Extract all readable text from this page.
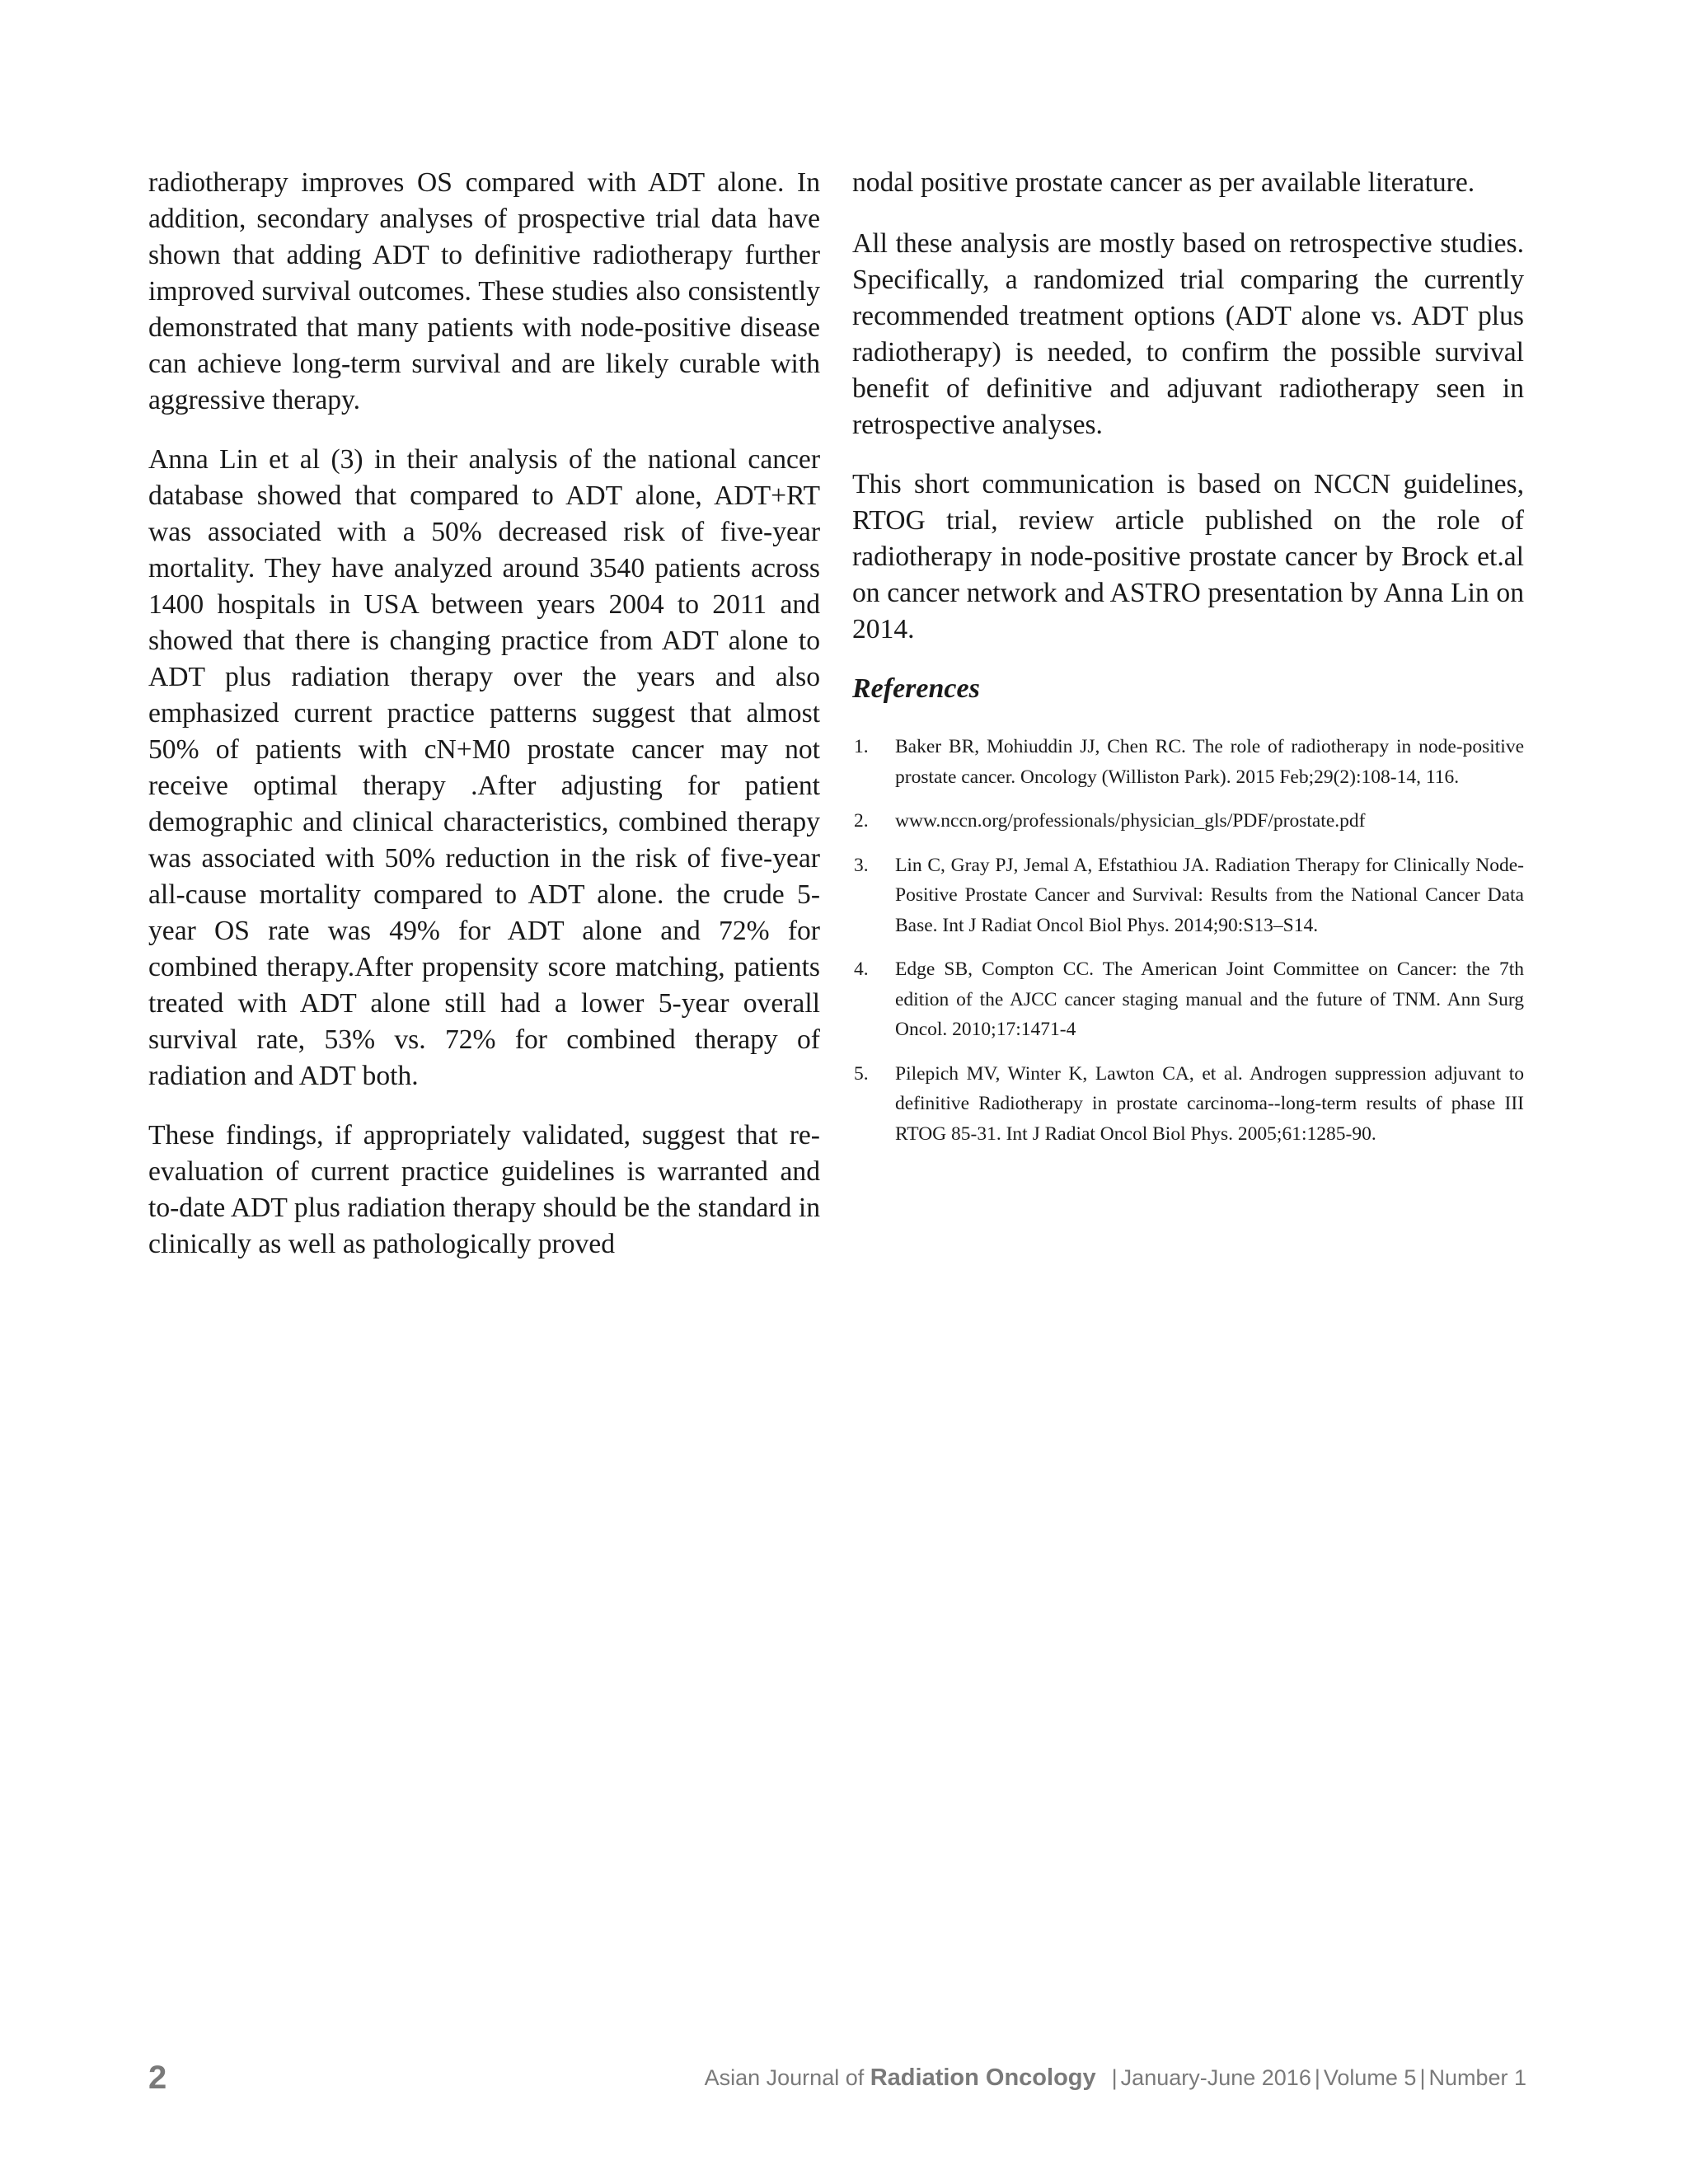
radiotherapy improves OS compared with ADT alone. In addition, secondary analyses of prospective trial data have shown that adding ADT to definitive radiotherapy further improved survival outcomes. These studies also consistently demonstrated that many patients with node-positive disease can achieve long-term survival and are likely curable with aggressive therapy.

Anna Lin et al (3) in their analysis of the national cancer database showed that compared to ADT alone, ADT+RT was associated with a 50% decreased risk of five-year mortality. They have analyzed around 3540 patients across 1400 hospitals in USA between years 2004 to 2011 and showed that there is changing practice from ADT alone to ADT plus radiation therapy over the years and also emphasized current practice patterns suggest that almost 50% of patients with cN+M0 prostate cancer may not receive optimal therapy .After adjusting for patient demographic and clinical characteristics, combined therapy was associated with 50% reduction in the risk of five-year all-cause mortality compared to ADT alone. the crude 5-year OS rate was 49% for ADT alone and 72% for combined therapy.After propensity score matching, patients treated with ADT alone still had a lower 5-year overall survival rate, 53% vs. 72% for combined therapy of radiation and ADT both.

These findings, if appropriately validated, suggest that re-evaluation of current practice guidelines is warranted and to-date ADT plus radiation therapy should be the standard in clinically as well as pathologically proved

nodal positive prostate cancer as per available literature.

All these analysis are mostly based on retrospective studies. Specifically, a randomized trial comparing the currently recommended treatment options (ADT alone vs. ADT plus radiotherapy) is needed, to confirm the possible survival benefit of definitive and adjuvant radiotherapy seen in retrospective analyses.

This short communication is based on NCCN guidelines, RTOG trial, review article published on the role of radiotherapy in node-positive prostate cancer by Brock et.al on cancer network and ASTRO presentation by Anna Lin on 2014.

References
1. Baker BR, Mohiuddin JJ, Chen RC. The role of radiotherapy in node-positive prostate cancer. Oncology (Williston Park). 2015 Feb;29(2):108-14, 116.
2. www.nccn.org/professionals/physician_gls/PDF/prostate.pdf
3. Lin C, Gray PJ, Jemal A, Efstathiou JA. Radiation Therapy for Clinically Node-Positive Prostate Cancer and Survival: Results from the National Cancer Data Base. Int J Radiat Oncol Biol Phys. 2014;90:S13–S14.
4. Edge SB, Compton CC. The American Joint Committee on Cancer: the 7th edition of the AJCC cancer staging manual and the future of TNM. Ann Surg Oncol. 2010;17:1471-4
5. Pilepich MV, Winter K, Lawton CA, et al. Androgen suppression adjuvant to definitive Radiotherapy in prostate carcinoma--long-term results of phase III RTOG 85-31. Int J Radiat Oncol Biol Phys. 2005;61:1285-90.
2	Asian Journal of Radiation Oncology | January-June 2016 | Volume 5 | Number 1
